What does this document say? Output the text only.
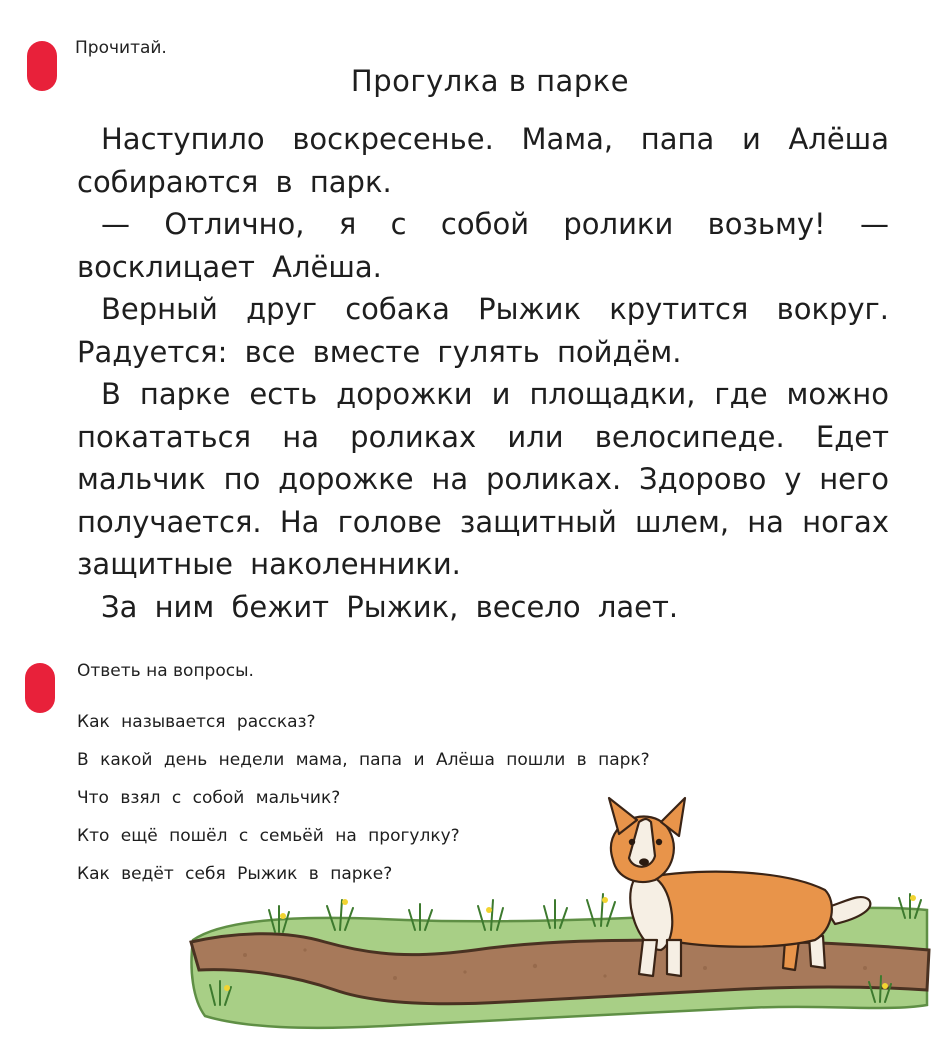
Прочитай.
Прогулка в парке

Наступило воскресенье. Мама, папа и Алёша собираются в парк.

— Отлично, я с собой ролики возьму! — восклицает Алёша.

Верный друг собака Рыжик крутится вокруг. Радуется: все вместе гулять пойдём.

В парке есть дорожки и площадки, где можно покататься на роликах или велосипеде. Едет мальчик по дорожке на роликах. Здорово у него получается. На голове защитный шлем, на ногах защитные наколенники.

За ним бежит Рыжик, весело лает.

Ответь на вопросы.
Как называется рассказ?
В какой день недели мама, папа и Алёша пошли в парк?
Что взял с собой мальчик?
Кто ещё пошёл с семьёй на прогулку?
Как ведёт себя Рыжик в парке?
